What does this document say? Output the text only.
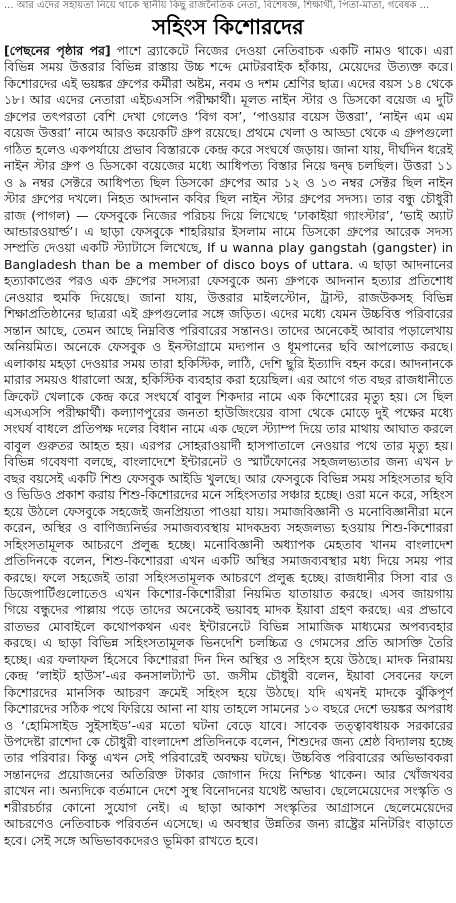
... আর এদের সহায়তা নিয়ে থাকে স্থানীয় কিছু রাজনৈতিক নেতা, বিশেষজ্ঞ, শিক্ষার্থী, পিতা-মাতা, গবেষক ...
সহিংস কিশোরদের

[পেছনের পৃষ্ঠার পর] পাশে ব্র্যাকেটে নিজের দেওয়া নেতিবাচক একটি নামও থাকে। এরা বিভিন্ন সময় উত্তরার বিভিন্ন রাস্তায় উচ্চ শব্দে মোটরবাইক হাঁকায়, মেয়েদের উত্যক্ত করে। কিশোরদের এই ভয়ঙ্কর গ্রুপের কর্মীরা অষ্টম, নবম ও দশম শ্রেণির ছাত্র। এদের বয়স ১৪ থেকে ১৮। আর এদের নেতারা এইচএসসি পরীক্ষার্থী। মূলত নাইন স্টার ও ডিসকো বয়েজ এ দুটি গ্রুপের তৎপরতা বেশি দেখা গেলেও ‘বিগ বস’, ‘পাওয়ার বয়েস উত্তরা’, ‘নাইন এম এম বয়েজ উত্তরা’ নামে আরও কয়েকটি গ্রুপ রয়েছে। প্রথমে খেলা ও আড্ডা থেকে এ গ্রুপগুলো গঠিত হলেও একপর্যায়ে প্রভাব বিস্তারকে কেন্দ্র করে সংঘর্ষে জড়ায়। জানা যায়, দীর্ঘদিন ধরেই নাইন স্টার গ্রুপ ও ডিসকো বয়েজের মধ্যে আধিপত্য বিস্তার নিয়ে দ্বন্দ্ব চলছিল। উত্তরা ১১ ও ৯ নম্বর সেক্টরে আধিপত্য ছিল ডিসকো গ্রুপের আর ১২ ও ১৩ নম্বর সেক্টর ছিল নাইন স্টার গ্রুপের দখলে। নিহত আদনান কবির ছিল নাইন স্টার গ্রুপের সদস্য। তার বন্ধু চৌধুরী রাজ (পাগল) — ফেসবুকে নিজের পরিচয় দিয়ে লিখেছে ‘ঢাকাইয়া গ্যাংস্টার’, ‘ভাই অ্যাট আন্ডারওয়ার্ল্ড’। এ ছাড়া ফেসবুকে শাহরিয়ার ইসলাম নামে ডিসকো গ্রুপের আরেক সদস্য সম্প্রতি দেওয়া একটি স্ট্যাটাসে লিখেছে, If u wanna play gangstah (gangster) in Bangladesh than be a member of disco boys of uttara. এ ছাড়া আদনানের হত্যাকাণ্ডের পরও এক গ্রুপের সদস্যরা ফেসবুকে অন্য গ্রুপকে আদনান হত্যার প্রতিশোধ নেওয়ার হুমকি দিয়েছে। জানা যায়, উত্তরার মাইলস্টোন, ট্রাস্ট, রাজউকসহ বিভিন্ন শিক্ষাপ্রতিষ্ঠানের ছাত্ররা এই গ্রুপগুলোর সঙ্গে জড়িত। এদের মধ্যে যেমন উচ্চবিত্ত পরিবারের সন্তান আছে, তেমন আছে নিম্নবিত্ত পরিবারের সন্তানও। তাদের অনেকেই আবার পড়ালেখায় অনিয়মিত। অনেকে ফেসবুক ও ইনস্টাগ্রামে মদ্যপান ও ধূমপানের ছবি আপলোড করছে। এলাকায় মহড়া দেওয়ার সময় তারা হকিস্টিক, লাঠি, দেশি ছুরি ইত্যাদি বহন করে। আদনানকে মারার সময়ও ধারালো অস্ত্র, হকিস্টিক ব্যবহার করা হয়েছিল। এর আগে গত বছর রাজধানীতে ক্রিকেট খেলাকে কেন্দ্র করে সংঘর্ষে বাবুল শিকদার নামে এক কিশোরের মৃত্যু হয়। সে ছিল এসএসসি পরীক্ষার্থী। কল্যাণপুরের জনতা হাউজিংয়ের বাসা থেকে মোড়ে দুই পক্ষের মধ্যে সংঘর্ষ বাধলে প্রতিপক্ষ দলের বিধান নামে এক ছেলে স্ট্যাম্প দিয়ে তার মাথায় আঘাত করলে বাবুল গুরুতর আহত হয়। এরপর সোহরাওয়ার্দী হাসপাতালে নেওয়ার পথে তার মৃত্যু হয়। বিভিন্ন গবেষণা বলছে, বাংলাদেশে ইন্টারনেট ও স্মার্টফোনের সহজলভ্যতার জন্য এখন ৮ বছর বয়সেই একটি শিশু ফেসবুক আইডি খুলছে। আর ফেসবুকে বিভিন্ন সময় সহিংসতার ছবি ও ভিডিও প্রকাশ করায় শিশু-কিশোরদের মনে সহিংসতার সঞ্চার হচ্ছে। ওরা মনে করে, সহিংস হয়ে উঠলে ফেসবুকে সহজেই জনপ্রিয়তা পাওয়া যায়। সমাজবিজ্ঞানী ও মনোবিজ্ঞানীরা মনে করেন, অস্থির ও বাণিজ্যনির্ভর সমাজব্যবস্থায় মাদকদ্রব্য সহজলভ্য হওয়ায় শিশু-কিশোররা সহিংসতামূলক আচরণে প্রলুব্ধ হচ্ছে। মনোবিজ্ঞানী অধ্যাপক মেহতাব খানম বাংলাদেশ প্রতিদিনকে বলেন, শিশু-কিশোররা এখন একটি অস্থির সমাজব্যবস্থার মধ্য দিয়ে সময় পার করছে। ফলে সহজেই তারা সহিংসতামূলক আচরণে প্রলুব্ধ হচ্ছে। রাজধানীর সিসা বার ও ডিজেপার্টিগুলোতেও এখন কিশোর-কিশোরীরা নিয়মিত যাতায়াত করছে। এসব জায়গায় গিয়ে বন্ধুদের পাল্লায় পড়ে তাদের অনেকেই ভয়াবহ মাদক ইয়াবা গ্রহণ করছে। এর প্রভাবে রাতভর মোবাইলে কথোপকথন এবং ইন্টারনেটে বিভিন্ন সামাজিক মাধ্যমের অপব্যবহার করছে। এ ছাড়া বিভিন্ন সহিংসতামূলক ভিনদেশি চলচ্চিত্র ও গেমসের প্রতি আসক্তি তৈরি হচ্ছে। এর ফলাফল হিসেবে কিশোররা দিন দিন অস্থির ও সহিংস হয়ে উঠছে। মাদক নিরাময় কেন্দ্র ‘লাইট হাউস’-এর কনসালট্যান্ট ডা. জসীম চৌধুরী বলেন, ইয়াবা সেবনের ফলে কিশোরদের মানসিক আচরণ ক্রমেই সহিংস হয়ে উঠছে। যদি এখনই মাদকে ঝুঁকিপূর্ণ কিশোরদের সঠিক পথে ফিরিয়ে আনা না যায় তাহলে সামনের ১০ বছরে দেশে ভয়ঙ্কর অপরাধ ও ‘হোমিসাইড সুইসাইড’-এর মতো ঘটনা বেড়ে যাবে। সাবেক তত্ত্বাবধায়ক সরকারের উপদেষ্টা রাশেদা কে চৌধুরী বাংলাদেশ প্রতিদিনকে বলেন, শিশুদের জন্য শ্রেষ্ঠ বিদ্যালয় হচ্ছে তার পরিবার। কিন্তু এখন সেই পরিবারেই অবক্ষয় ঘটছে। উচ্চবিত্ত পরিবারের অভিভাবকরা সন্তানদের প্রয়োজনের অতিরিক্ত টাকার জোগান দিয়ে নিশ্চিন্ত থাকেন। আর খোঁজখবর রাখেন না। অন্যদিকে বর্তমানে দেশে সুস্থ বিনোদনের যথেষ্ট অভাব। ছেলেমেয়েদের সংস্কৃতি ও শরীরচর্চার কোনো সুযোগ নেই। এ ছাড়া আকাশ সংস্কৃতির আগ্রাসনে ছেলেমেয়েদের আচরণেও নেতিবাচক পরিবর্তন এসেছে। এ অবস্থার উন্নতির জন্য রাষ্ট্রের মনিটরিং বাড়াতে হবে। সেই সঙ্গে অভিভাবকদেরও ভূমিকা রাখতে হবে।
